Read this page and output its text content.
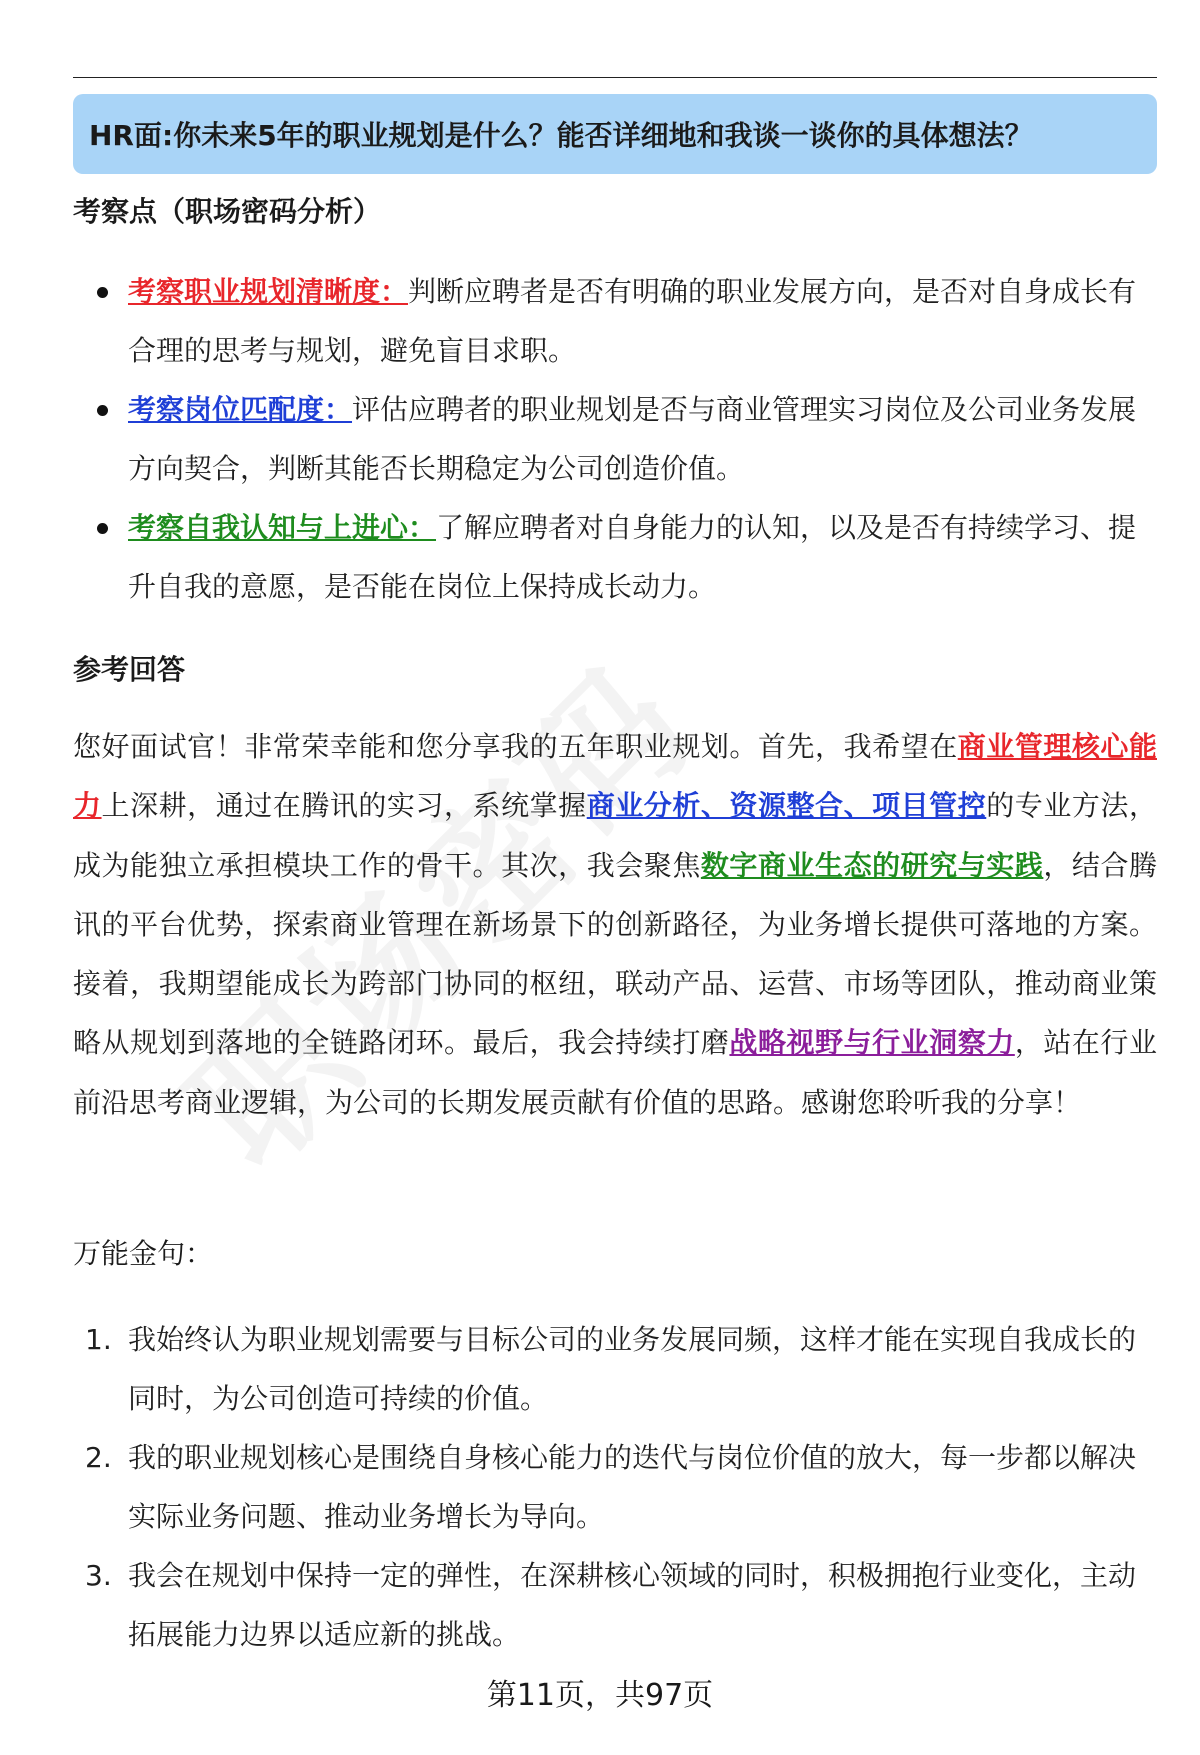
HR面:你未来5年的职业规划是什么？能否详细地和我谈一谈你的具体想法？
考察点（职场密码分析）
考察职业规划清晰度：判断应聘者是否有明确的职业发展方向，是否对自身成长有合理的思考与规划，避免盲目求职。
考察岗位匹配度：评估应聘者的职业规划是否与商业管理实习岗位及公司业务发展方向契合，判断其能否长期稳定为公司创造价值。
考察自我认知与上进心：了解应聘者对自身能力的认知，以及是否有持续学习、提升自我的意愿，是否能在岗位上保持成长动力。
参考回答

您好面试官！非常荣幸能和您分享我的五年职业规划。首先，我希望在商业管理核心能力上深耕，通过在腾讯的实习，系统掌握商业分析、资源整合、项目管控的专业方法，成为能独立承担模块工作的骨干。其次，我会聚焦数字商业生态的研究与实践，结合腾讯的平台优势，探索商业管理在新场景下的创新路径，为业务增长提供可落地的方案。接着，我期望能成长为跨部门协同的枢纽，联动产品、运营、市场等团队，推动商业策略从规划到落地的全链路闭环。最后，我会持续打磨战略视野与行业洞察力，站在行业前沿思考商业逻辑，为公司的长期发展贡献有价值的思路。感谢您聆听我的分享！

万能金句：
1. 我始终认为职业规划需要与目标公司的业务发展同频，这样才能在实现自我成长的同时，为公司创造可持续的价值。
2. 我的职业规划核心是围绕自身核心能力的迭代与岗位价值的放大，每一步都以解决实际业务问题、推动业务增长为导向。
3. 我会在规划中保持一定的弹性，在深耕核心领域的同时，积极拥抱行业变化，主动拓展能力边界以适应新的挑战。
第11页，共97页
